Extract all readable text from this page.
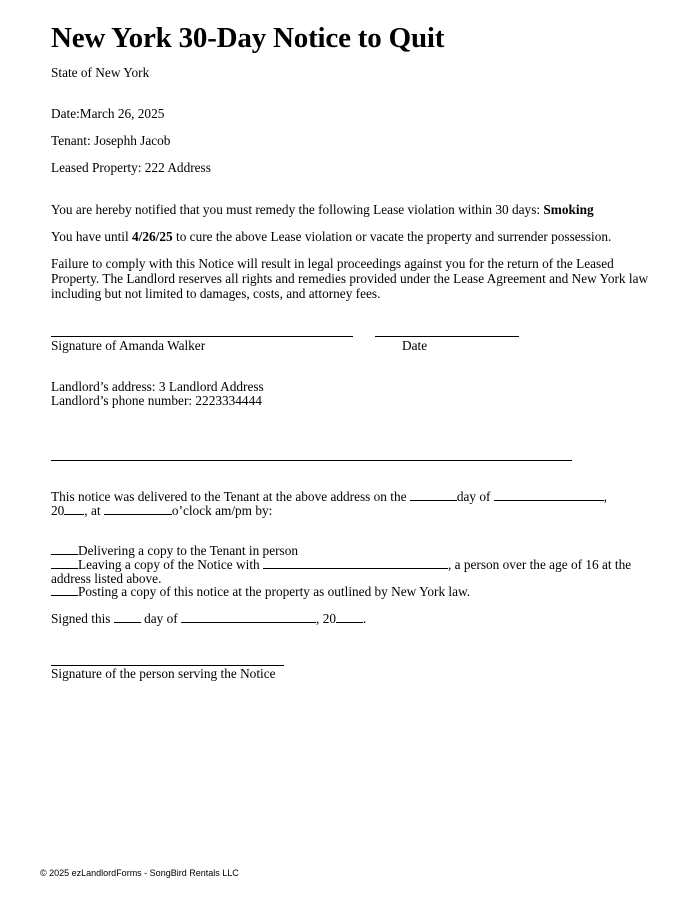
New York 30-Day Notice to Quit
State of New York
Date:March 26, 2025
Tenant: Josephh Jacob
Leased Property: 222 Address
You are hereby notified that you must remedy the following Lease violation within 30 days: Smoking
You have until 4/26/25 to cure the above Lease violation or vacate the property and surrender possession.
Failure to comply with this Notice will result in legal proceedings against you for the return of the Leased Property. The Landlord reserves all rights and remedies provided under the Lease Agreement and New York law including but not limited to damages, costs, and attorney fees.
Signature of Amanda Walker	Date
Landlord’s address: 3 Landlord Address
Landlord’s phone number: 2223334444
This notice was delivered to the Tenant at the above address on the	day of	,
20 , at	o’clock am/pm by:
Delivering a copy to the Tenant in person
Leaving a copy of the Notice with	, a person over the age of 16 at the
address listed above.
Posting a copy of this notice at the property as outlined by New York law.
Signed this  day of	, 20 .
Signature of the person serving the Notice
© 2025 ezLandlordForms - SongBird Rentals LLC
